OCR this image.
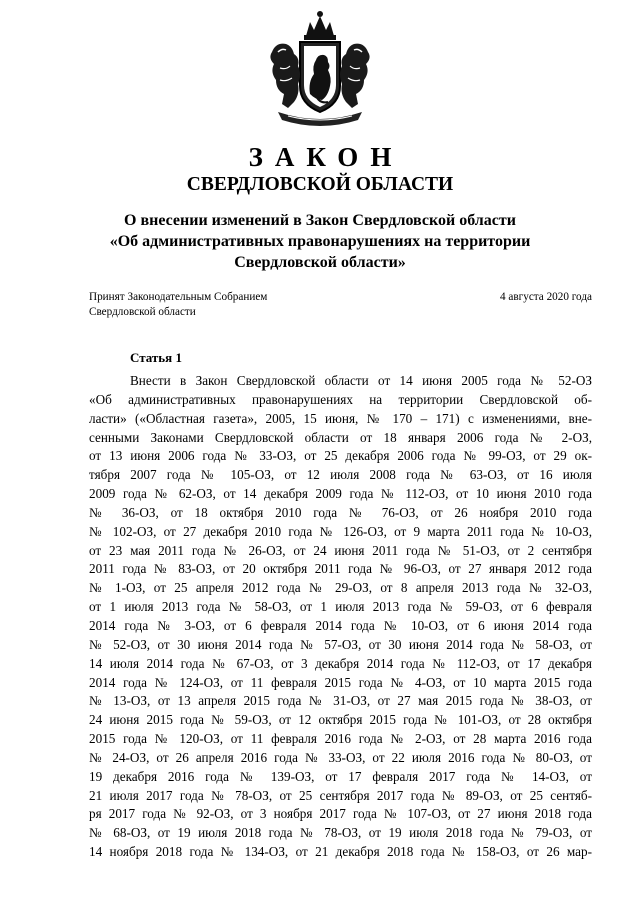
ЗАКОН
СВЕРДЛОВСКОЙ ОБЛАСТИ
О внесении изменений в Закон Свердловской области
«Об административных правонарушениях на территории
Свердловской области»
Принят Законодательным Собранием
Свердловской области
4 августа 2020 года
Статья 1
Внести в Закон Свердловской области от 14 июня 2005 года № 52-ОЗ
«Об административных правонарушениях на территории Свердловской об-
ласти» («Областная газета», 2005, 15 июня, № 170 – 171) с изменениями, вне-
сенными Законами Свердловской области от 18 января 2006 года № 2-ОЗ,
от 13 июня 2006 года № 33-ОЗ, от 25 декабря 2006 года № 99-ОЗ, от 29 ок-
тября 2007 года № 105-ОЗ, от 12 июля 2008 года № 63-ОЗ, от 16 июля
2009 года № 62-ОЗ, от 14 декабря 2009 года № 112-ОЗ, от 10 июня 2010 года
№ 36-ОЗ, от 18 октября 2010 года № 76-ОЗ, от 26 ноября 2010 года
№ 102-ОЗ, от 27 декабря 2010 года № 126-ОЗ, от 9 марта 2011 года № 10-ОЗ,
от 23 мая 2011 года № 26-ОЗ, от 24 июня 2011 года № 51-ОЗ, от 2 сентября
2011 года № 83-ОЗ, от 20 октября 2011 года № 96-ОЗ, от 27 января 2012 года
№ 1-ОЗ, от 25 апреля 2012 года № 29-ОЗ, от 8 апреля 2013 года № 32-ОЗ,
от 1 июля 2013 года № 58-ОЗ, от 1 июля 2013 года № 59-ОЗ, от 6 февраля
2014 года № 3-ОЗ, от 6 февраля 2014 года № 10-ОЗ, от 6 июня 2014 года
№ 52-ОЗ, от 30 июня 2014 года № 57-ОЗ, от 30 июня 2014 года № 58-ОЗ, от
14 июля 2014 года № 67-ОЗ, от 3 декабря 2014 года № 112-ОЗ, от 17 декабря
2014 года № 124-ОЗ, от 11 февраля 2015 года № 4-ОЗ, от 10 марта 2015 года
№ 13-ОЗ, от 13 апреля 2015 года № 31-ОЗ, от 27 мая 2015 года № 38-ОЗ, от
24 июня 2015 года № 59-ОЗ, от 12 октября 2015 года № 101-ОЗ, от 28 октября
2015 года № 120-ОЗ, от 11 февраля 2016 года № 2-ОЗ, от 28 марта 2016 года
№ 24-ОЗ, от 26 апреля 2016 года № 33-ОЗ, от 22 июля 2016 года № 80-ОЗ, от
19 декабря 2016 года № 139-ОЗ, от 17 февраля 2017 года № 14-ОЗ, от
21 июля 2017 года № 78-ОЗ, от 25 сентября 2017 года № 89-ОЗ, от 25 сентяб-
ря 2017 года № 92-ОЗ, от 3 ноября 2017 года № 107-ОЗ, от 27 июня 2018 года
№ 68-ОЗ, от 19 июля 2018 года № 78-ОЗ, от 19 июля 2018 года № 79-ОЗ, от
14 ноября 2018 года № 134-ОЗ, от 21 декабря 2018 года № 158-ОЗ, от 26 мар-
